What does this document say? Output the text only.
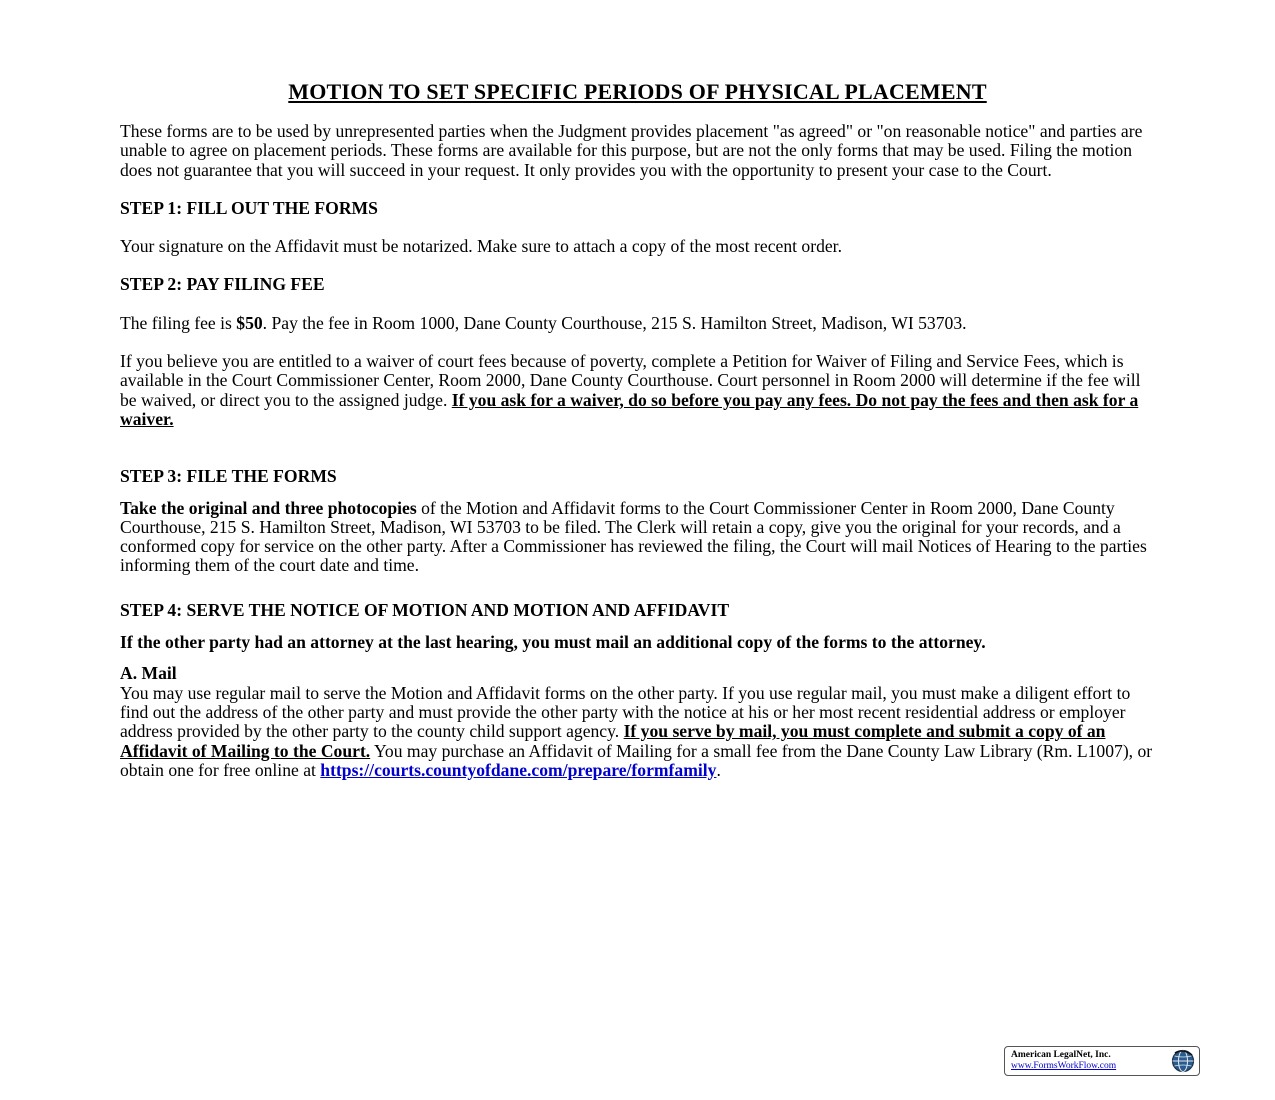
MOTION TO SET SPECIFIC PERIODS OF PHYSICAL PLACEMENT

These forms are to be used by unrepresented parties when the Judgment provides placement "as agreed" or "on reasonable notice" and parties are unable to agree on placement periods. These forms are available for this purpose, but are not the only forms that may be used. Filing the motion does not guarantee that you will succeed in your request. It only provides you with the opportunity to present your case to the Court.

STEP 1: FILL OUT THE FORMS

Your signature on the Affidavit must be notarized. Make sure to attach a copy of the most recent order.

STEP 2: PAY FILING FEE

The filing fee is $50. Pay the fee in Room 1000, Dane County Courthouse, 215 S. Hamilton Street, Madison, WI 53703.

If you believe you are entitled to a waiver of court fees because of poverty, complete a Petition for Waiver of Filing and Service Fees, which is available in the Court Commissioner Center, Room 2000, Dane County Courthouse. Court personnel in Room 2000 will determine if the fee will be waived, or direct you to the assigned judge. If you ask for a waiver, do so before you pay any fees. Do not pay the fees and then ask for a waiver.

STEP 3: FILE THE FORMS

Take the original and three photocopies of the Motion and Affidavit forms to the Court Commissioner Center in Room 2000, Dane County Courthouse, 215 S. Hamilton Street, Madison, WI 53703 to be filed. The Clerk will retain a copy, give you the original for your records, and a conformed copy for service on the other party. After a Commissioner has reviewed the filing, the Court will mail Notices of Hearing to the parties informing them of the court date and time.

STEP 4: SERVE THE NOTICE OF MOTION AND MOTION AND AFFIDAVIT

If the other party had an attorney at the last hearing, you must mail an additional copy of the forms to the attorney.

A. Mail

You may use regular mail to serve the Motion and Affidavit forms on the other party. If you use regular mail, you must make a diligent effort to find out the address of the other party and must provide the other party with the notice at his or her most recent residential address or employer address provided by the other party to the county child support agency. If you serve by mail, you must complete and submit a copy of an Affidavit of Mailing to the Court. You may purchase an Affidavit of Mailing for a small fee from the Dane County Law Library (Rm. L1007), or obtain one for free online at https://courts.countyofdane.com/prepare/formfamily.

American LegalNet, Inc.
www.FormsWorkFlow.com
